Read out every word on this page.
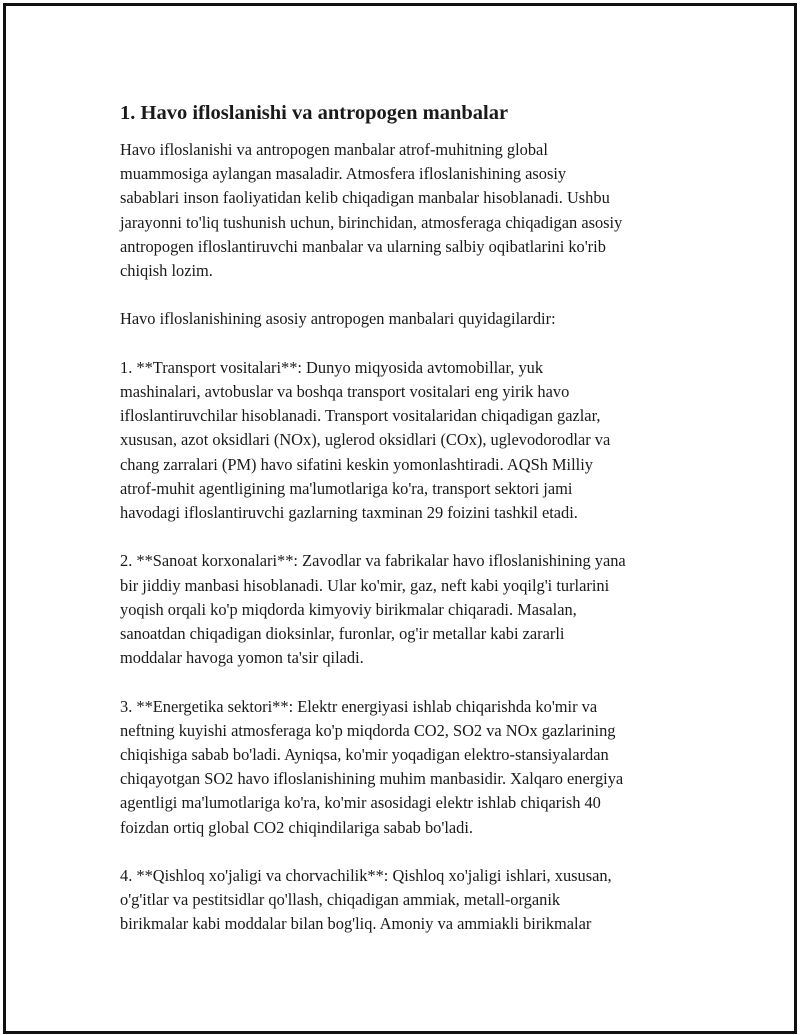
1. Havo ifloslanishi va antropogen manbalar

Havo ifloslanishi va antropogen manbalar atrof-muhitning global
muammosiga aylangan masaladir. Atmosfera ifloslanishining asosiy
sabablari inson faoliyatidan kelib chiqadigan manbalar hisoblanadi. Ushbu
jarayonni to'liq tushunish uchun, birinchidan, atmosferaga chiqadigan asosiy
antropogen ifloslantiruvchi manbalar va ularning salbiy oqibatlarini ko'rib
chiqish lozim.

Havo ifloslanishining asosiy antropogen manbalari quyidagilardir:

1. **Transport vositalari**: Dunyo miqyosida avtomobillar, yuk
mashinalari, avtobuslar va boshqa transport vositalari eng yirik havo
ifloslantiruvchilar hisoblanadi. Transport vositalaridan chiqadigan gazlar,
xususan, azot oksidlari (NOx), uglerod oksidlari (COx), uglevodorodlar va
chang zarralari (PM) havo sifatini keskin yomonlashtiradi. AQSh Milliy
atrof-muhit agentligining ma'lumotlariga ko'ra, transport sektori jami
havodagi ifloslantiruvchi gazlarning taxminan 29 foizini tashkil etadi.

2. **Sanoat korxonalari**: Zavodlar va fabrikalar havo ifloslanishining yana
bir jiddiy manbasi hisoblanadi. Ular ko'mir, gaz, neft kabi yoqilg'i turlarini
yoqish orqali ko'p miqdorda kimyoviy birikmalar chiqaradi. Masalan,
sanoatdan chiqadigan dioksinlar, furonlar, og'ir metallar kabi zararli
moddalar havoga yomon ta'sir qiladi.

3. **Energetika sektori**: Elektr energiyasi ishlab chiqarishda ko'mir va
neftning kuyishi atmosferaga ko'p miqdorda CO2, SO2 va NOx gazlarining
chiqishiga sabab bo'ladi. Ayniqsa, ko'mir yoqadigan elektro-stansiyalardan
chiqayotgan SO2 havo ifloslanishining muhim manbasidir. Xalqaro energiya
agentligi ma'lumotlariga ko'ra, ko'mir asosidagi elektr ishlab chiqarish 40
foizdan ortiq global CO2 chiqindilariga sabab bo'ladi.

4. **Qishloq xo'jaligi va chorvachilik**: Qishloq xo'jaligi ishlari, xususan,
o'g'itlar va pestitsidlar qo'llash, chiqadigan ammiak, metall-organik
birikmalar kabi moddalar bilan bog'liq. Amoniy va ammiakli birikmalar
